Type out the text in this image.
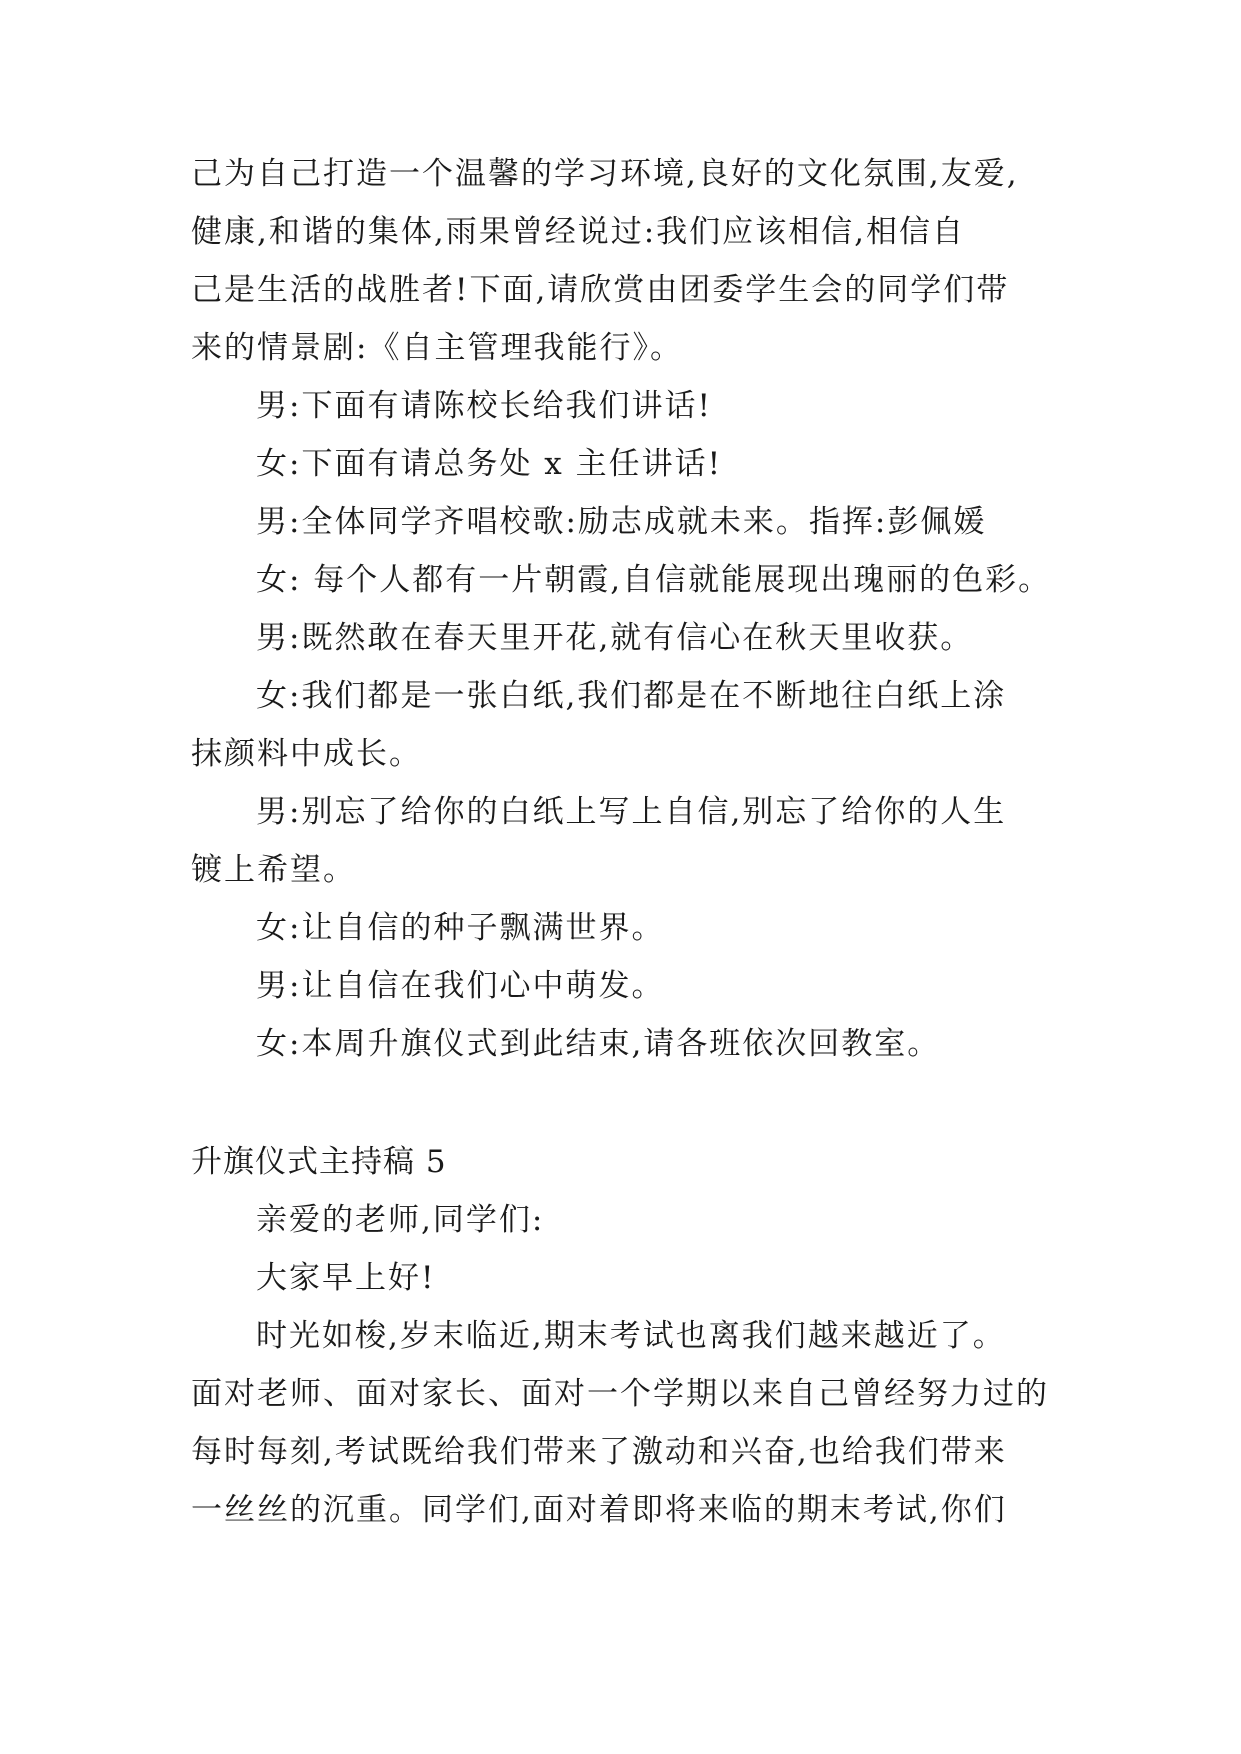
己为自己打造一个温馨的学习环境,良好的文化氛围,友爱,
健康,和谐的集体,雨果曾经说过:我们应该相信,相信自
己是生活的战胜者!下面,请欣赏由团委学生会的同学们带
来的情景剧:《自主管理我能行》。
男:下面有请陈校长给我们讲话!
女:下面有请总务处 x 主任讲话!
男:全体同学齐唱校歌:励志成就未来。指挥:彭佩媛
女: 每个人都有一片朝霞,自信就能展现出瑰丽的色彩。
男:既然敢在春天里开花,就有信心在秋天里收获。
女:我们都是一张白纸,我们都是在不断地往白纸上涂
抹颜料中成长。
男:别忘了给你的白纸上写上自信,别忘了给你的人生
镀上希望。
女:让自信的种子飘满世界。
男:让自信在我们心中萌发。
女:本周升旗仪式到此结束,请各班依次回教室。
升旗仪式主持稿 5
亲爱的老师,同学们:
大家早上好!
时光如梭,岁末临近,期末考试也离我们越来越近了。
面对老师、面对家长、面对一个学期以来自己曾经努力过的
每时每刻,考试既给我们带来了激动和兴奋,也给我们带来
一丝丝的沉重。同学们,面对着即将来临的期末考试,你们
